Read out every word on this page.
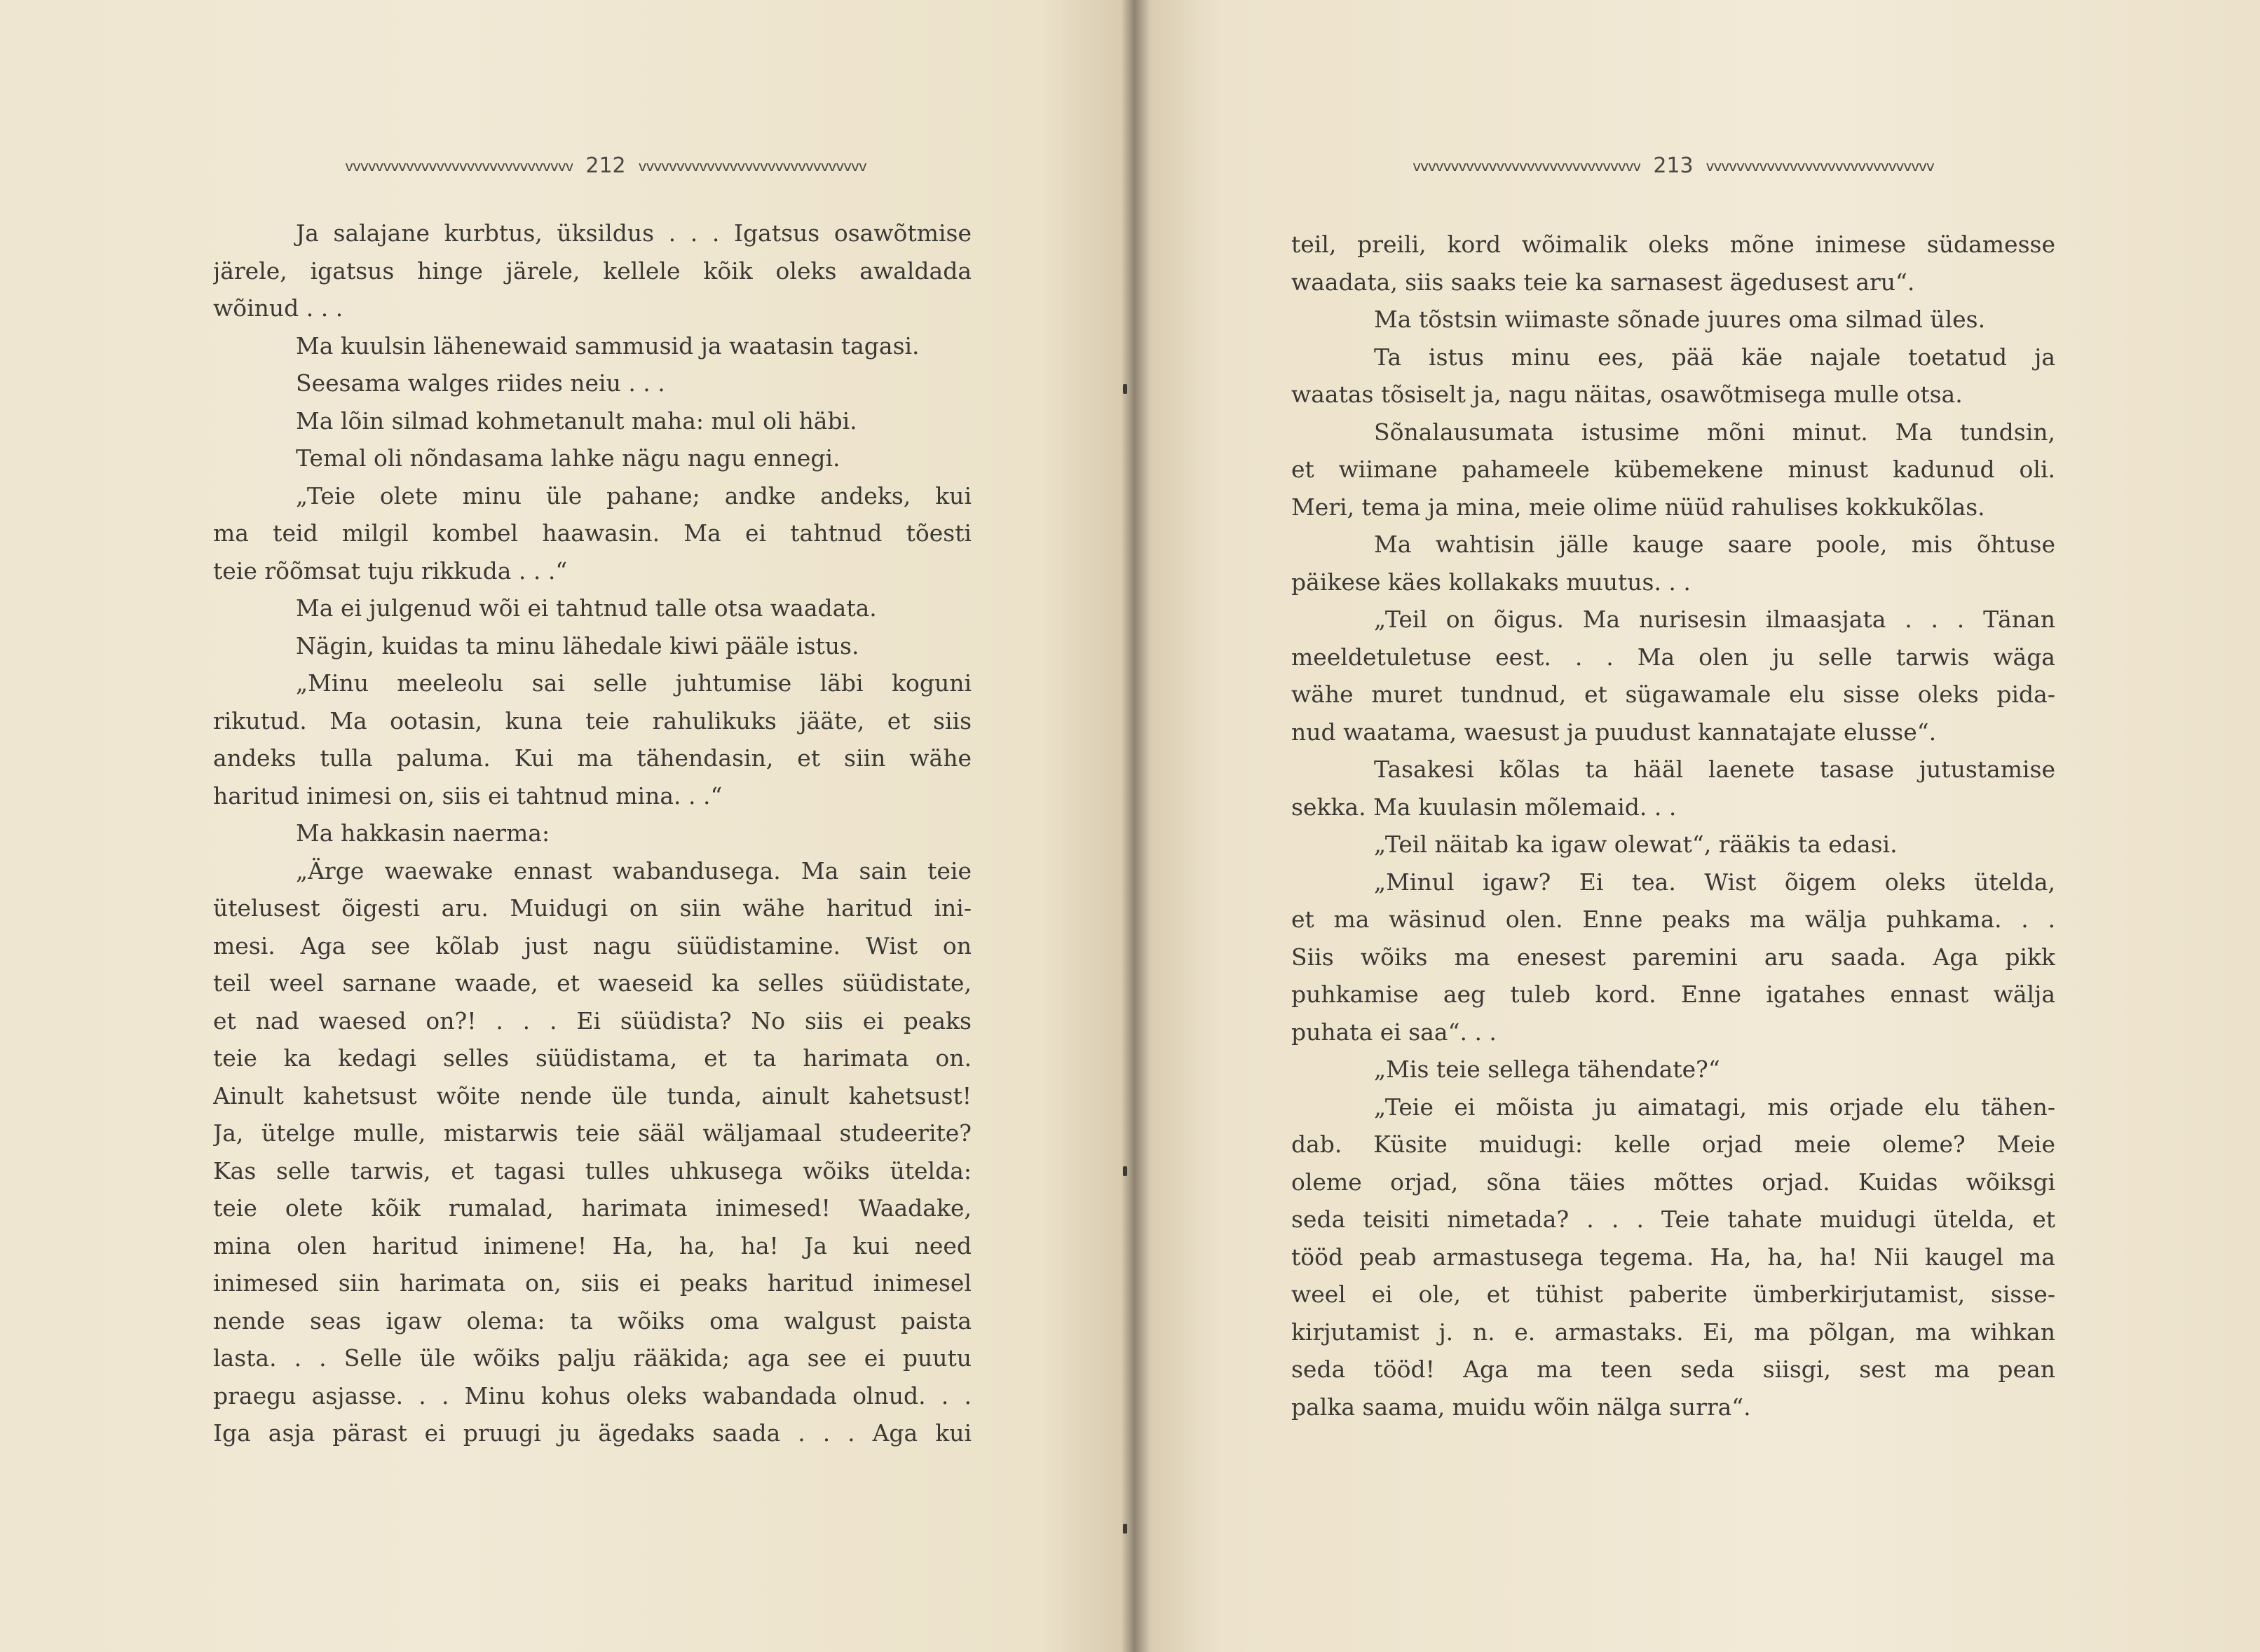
vvvvvvvvvvvvvvvvvvvvvvvvvvvvvv 212 vvvvvvvvvvvvvvvvvvvvvvvvvvvvvv
Ja salajane kurbtus, üksildus . . . Igatsus osawõtmise
järele, igatsus hinge järele, kellele kõik oleks awaldada
wõinud . . .
Ma kuulsin lähenewaid sammusid ja waatasin tagasi.
Seesama walges riides neiu . . .
Ma lõin silmad kohmetanult maha: mul oli häbi.
Temal oli nõndasama lahke nägu nagu ennegi.
„Teie olete minu üle pahane; andke andeks, kui
ma teid milgil kombel haawasin. Ma ei tahtnud tõesti
teie rõõmsat tuju rikkuda . . .“
Ma ei julgenud wõi ei tahtnud talle otsa waadata.
Nägin, kuidas ta minu lähedale kiwi pääle istus.
„Minu meeleolu sai selle juhtumise läbi koguni
rikutud. Ma ootasin, kuna teie rahulikuks jääte, et siis
andeks tulla paluma. Kui ma tähendasin, et siin wähe
haritud inimesi on, siis ei tahtnud mina. . .“
Ma hakkasin naerma:
„Ärge waewake ennast wabandusega. Ma sain teie
ütelusest õigesti aru. Muidugi on siin wähe haritud ini-
mesi. Aga see kõlab just nagu süüdistamine. Wist on
teil weel sarnane waade, et waeseid ka selles süüdistate,
et nad waesed on?! . . . Ei süüdista? No siis ei peaks
teie ka kedagi selles süüdistama, et ta harimata on.
Ainult kahetsust wõite nende üle tunda, ainult kahetsust!
Ja, ütelge mulle, mistarwis teie sääl wäljamaal studeerite?
Kas selle tarwis, et tagasi tulles uhkusega wõiks ütelda:
teie olete kõik rumalad, harimata inimesed! Waadake,
mina olen haritud inimene! Ha, ha, ha! Ja kui need
inimesed siin harimata on, siis ei peaks haritud inimesel
nende seas igaw olema: ta wõiks oma walgust paista
lasta. . . Selle üle wõiks palju rääkida; aga see ei puutu
praegu asjasse. . . Minu kohus oleks wabandada olnud. . .
Iga asja pärast ei pruugi ju ägedaks saada . . . Aga kui
vvvvvvvvvvvvvvvvvvvvvvvvvvvvvv 213 vvvvvvvvvvvvvvvvvvvvvvvvvvvvvv
teil, preili, kord wõimalik oleks mõne inimese südamesse
waadata, siis saaks teie ka sarnasest ägedusest aru“.
Ma tõstsin wiimaste sõnade juures oma silmad üles.
Ta istus minu ees, pää käe najale toetatud ja
waatas tõsiselt ja, nagu näitas, osawõtmisega mulle otsa.
Sõnalausumata istusime mõni minut. Ma tundsin,
et wiimane pahameele kübemekene minust kadunud oli.
Meri, tema ja mina, meie olime nüüd rahulises kokkukõlas.
Ma wahtisin jälle kauge saare poole, mis õhtuse
päikese käes kollakaks muutus. . .
„Teil on õigus. Ma nurisesin ilmaasjata . . . Tänan
meeldetuletuse eest. . . Ma olen ju selle tarwis wäga
wähe muret tundnud, et sügawamale elu sisse oleks pida-
nud waatama, waesust ja puudust kannatajate elusse“.
Tasakesi kõlas ta hääl laenete tasase jutustamise
sekka. Ma kuulasin mõlemaid. . .
„Teil näitab ka igaw olewat“, rääkis ta edasi.
„Minul igaw? Ei tea. Wist õigem oleks ütelda,
et ma wäsinud olen. Enne peaks ma wälja puhkama. . .
Siis wõiks ma enesest paremini aru saada. Aga pikk
puhkamise aeg tuleb kord. Enne igatahes ennast wälja
puhata ei saa“. . .
„Mis teie sellega tähendate?“
„Teie ei mõista ju aimatagi, mis orjade elu tähen-
dab. Küsite muidugi: kelle orjad meie oleme? Meie
oleme orjad, sõna täies mõttes orjad. Kuidas wõiksgi
seda teisiti nimetada? . . . Teie tahate muidugi ütelda, et
tööd peab armastusega tegema. Ha, ha, ha! Nii kaugel ma
weel ei ole, et tühist paberite ümberkirjutamist, sisse-
kirjutamist j. n. e. armastaks. Ei, ma põlgan, ma wihkan
seda tööd! Aga ma teen seda siisgi, sest ma pean
palka saama, muidu wõin nälga surra“.
